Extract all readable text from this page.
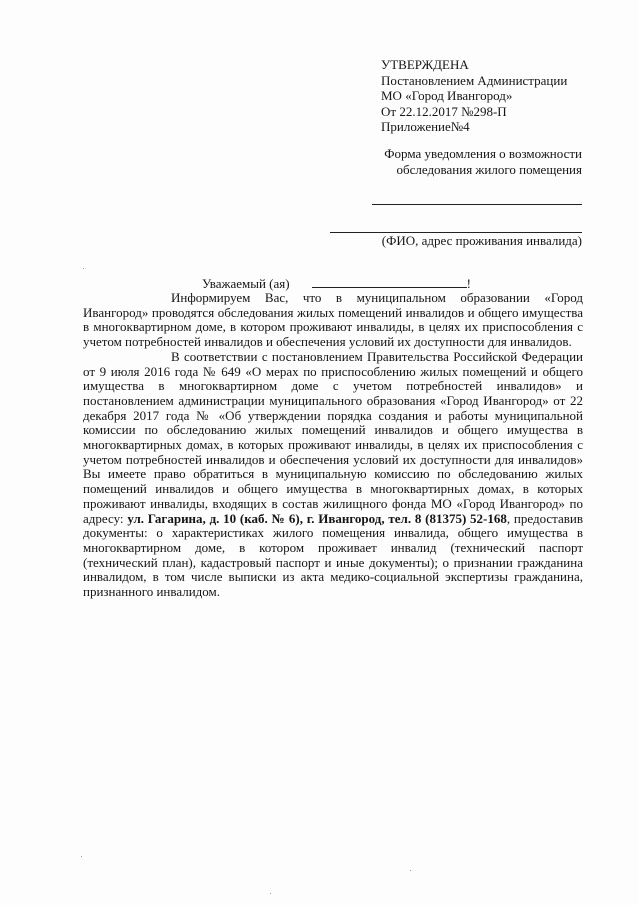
УТВЕРЖДЕНА
Постановлением Администрации
МО «Город Ивангород»
От 22.12.2017 №298-П
Приложение№4
Форма уведомления о возможности
обследования жилого помещения
(ФИО, адрес проживания инвалида)
Уважаемый (ая)	!

Информируем Вас, что в муниципальном образовании «Город Ивангород» проводятся обследования жилых помещений инвалидов и общего имущества в многоквартирном доме, в котором проживают инвалиды, в целях их приспособления с учетом потребностей инвалидов и обеспечения условий их доступности для инвалидов.

В соответствии с постановлением Правительства Российской Федерации от 9 июля 2016 года № 649 «О мерах по приспособлению жилых помещений и общего имущества в многоквартирном доме с учетом потребностей инвалидов» и постановлением администрации муниципального образования «Город Ивангород» от 22 декабря 2017 года № «Об утверждении порядка создания и работы муниципальной комиссии по обследованию жилых помещений инвалидов и общего имущества в многоквартирных домах, в которых проживают инвалиды, в целях их приспособления с учетом потребностей инвалидов и обеспечения условий их доступности для инвалидов» Вы имеете право обратиться в муниципальную комиссию по обследованию жилых помещений инвалидов и общего имущества в многоквартирных домах, в которых проживают инвалиды, входящих в состав жилищного фонда МО «Город Ивангород» по адресу: ул. Гагарина, д. 10 (каб. № 6), г. Ивангород, тел. 8 (81375) 52-168, предоставив документы: о характеристиках жилого помещения инвалида, общего имущества в многоквартирном доме, в котором проживает инвалид (технический паспорт (технический план), кадастровый паспорт и иные документы); о признании гражданина инвалидом, в том числе выписки из акта медико-социальной экспертизы гражданина, признанного инвалидом.
